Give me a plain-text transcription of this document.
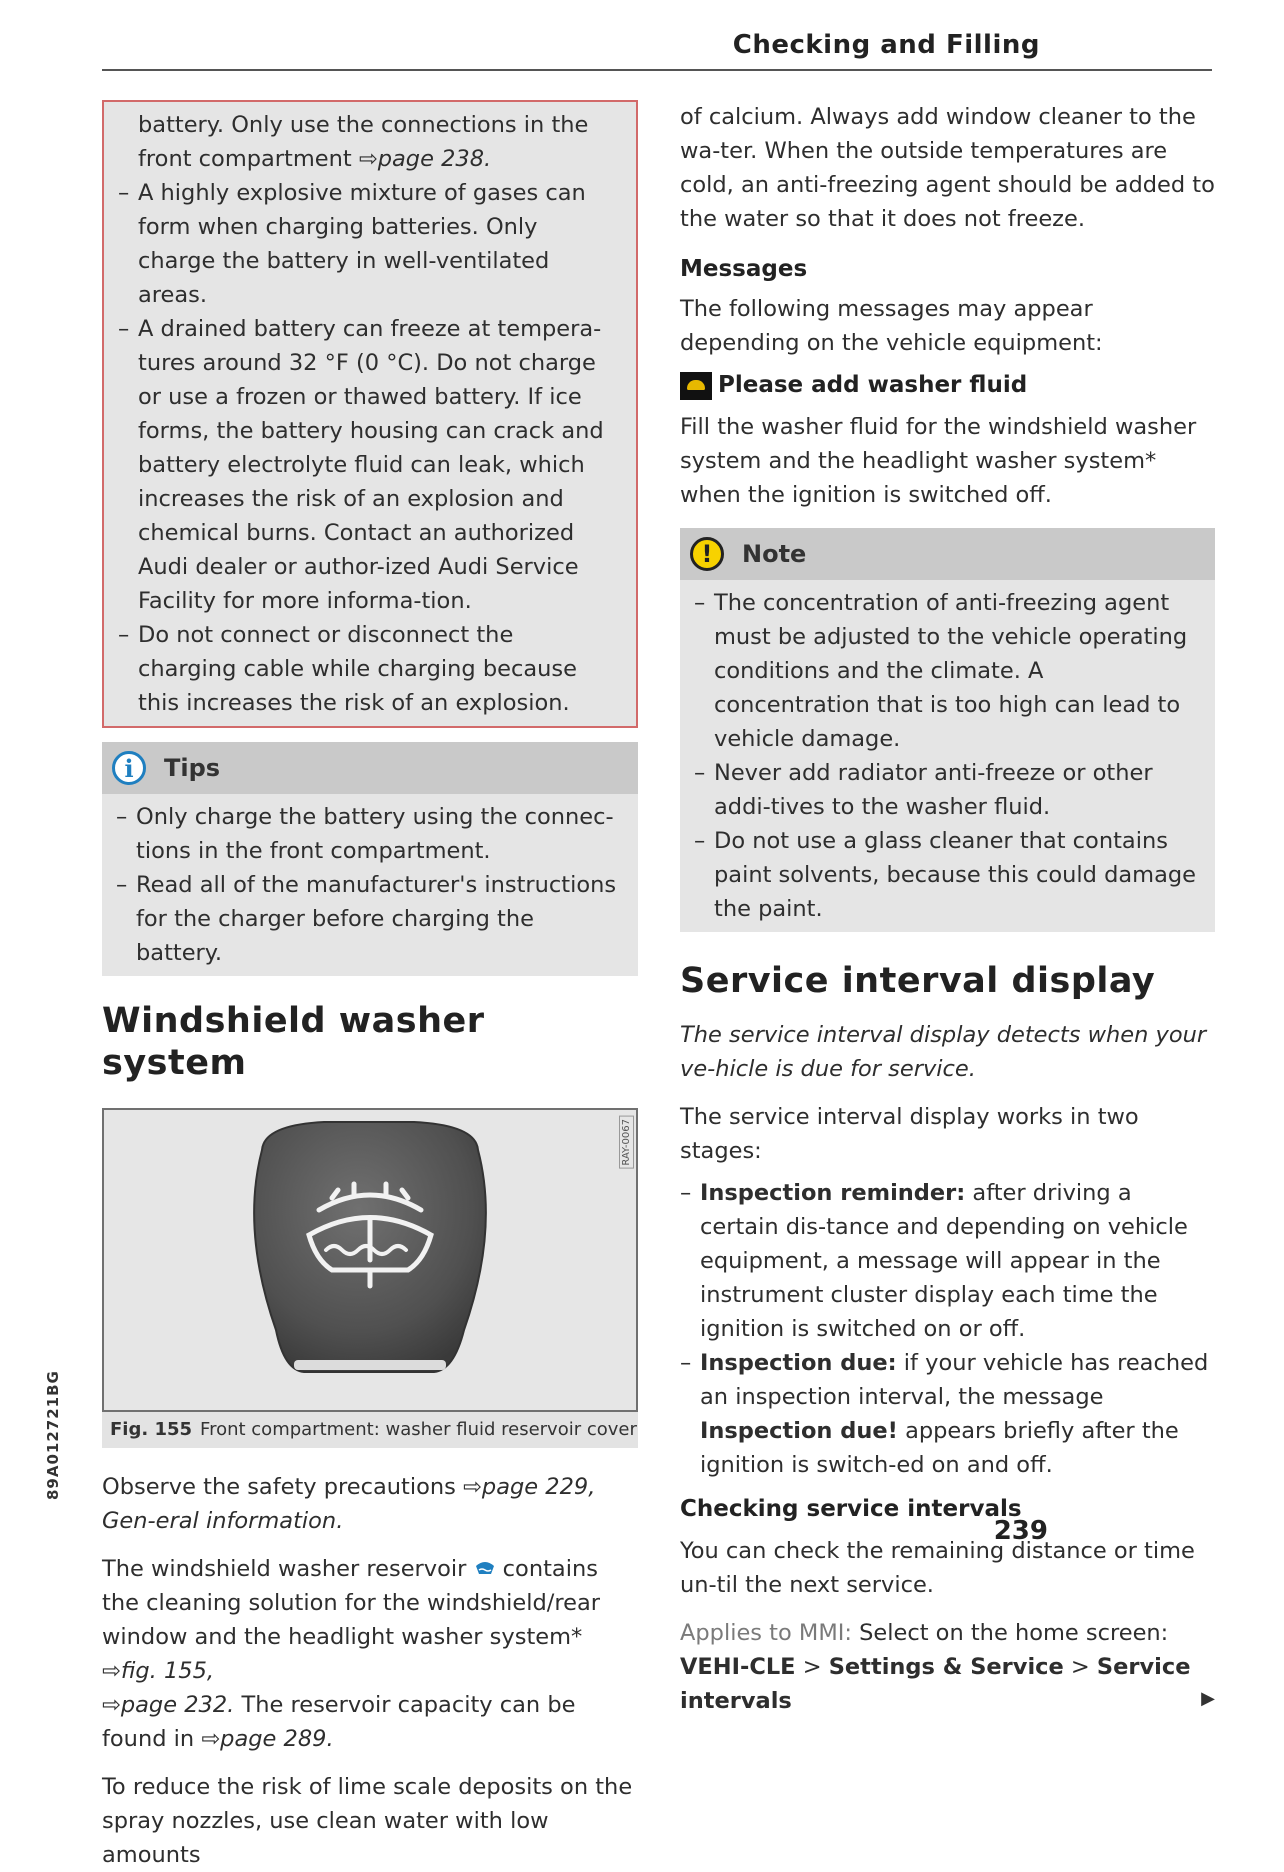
Checking and Filling

battery. Only use the connections in the
front compartment ⇨page 238.

– A highly explosive mixture of gases can form when charging batteries. Only charge the battery in well-ventilated areas.
– A drained battery can freeze at tempera-tures around 32 °F (0 °C). Do not charge or use a frozen or thawed battery. If ice forms, the battery housing can crack and battery electrolyte fluid can leak, which increases the risk of an explosion and chemical burns. Contact an authorized Audi dealer or author-ized Audi Service Facility for more informa-tion.
– Do not connect or disconnect the charging cable while charging because this increases the risk of an explosion.
i	Tips
– Only charge the battery using the connec-tions in the front compartment.
– Read all of the manufacturer's instructions for the charger before charging the battery.
Windshield washer system
RAY-0067
Fig. 155 Front compartment: washer fluid reservoir cover

Observe the safety precautions ⇨page 229, Gen-eral information.

The windshield washer reservoir  contains the cleaning solution for the windshield/rear window and the headlight washer system* ⇨fig. 155,
⇨page 232. The reservoir capacity can be found in ⇨page 289.

To reduce the risk of lime scale deposits on the spray nozzles, use clean water with low amounts

of calcium. Always add window cleaner to the wa-ter. When the outside temperatures are cold, an anti-freezing agent should be added to the water so that it does not freeze.

Messages

The following messages may appear depending on the vehicle equipment:

Please add washer fluid

Fill the washer fluid for the windshield washer system and the headlight washer system* when the ignition is switched off.

!	Note
– The concentration of anti-freezing agent must be adjusted to the vehicle operating conditions and the climate. A concentration that is too high can lead to vehicle damage.
– Never add radiator anti-freeze or other addi-tives to the washer fluid.
– Do not use a glass cleaner that contains paint solvents, because this could damage the paint.
Service interval display

The service interval display detects when your ve-hicle is due for service.

The service interval display works in two stages:

– Inspection reminder: after driving a certain dis-tance and depending on vehicle equipment, a message will appear in the instrument cluster display each time the ignition is switched on or off.
– Inspection due: if your vehicle has reached an inspection interval, the message Inspection due! appears briefly after the ignition is switch-ed on and off.
Checking service intervals

You can check the remaining distance or time un-til the next service.

Applies to MMI: Select on the home screen: VEHI-CLE > Settings & Service > Service intervals	▶

89A012721BG
239
